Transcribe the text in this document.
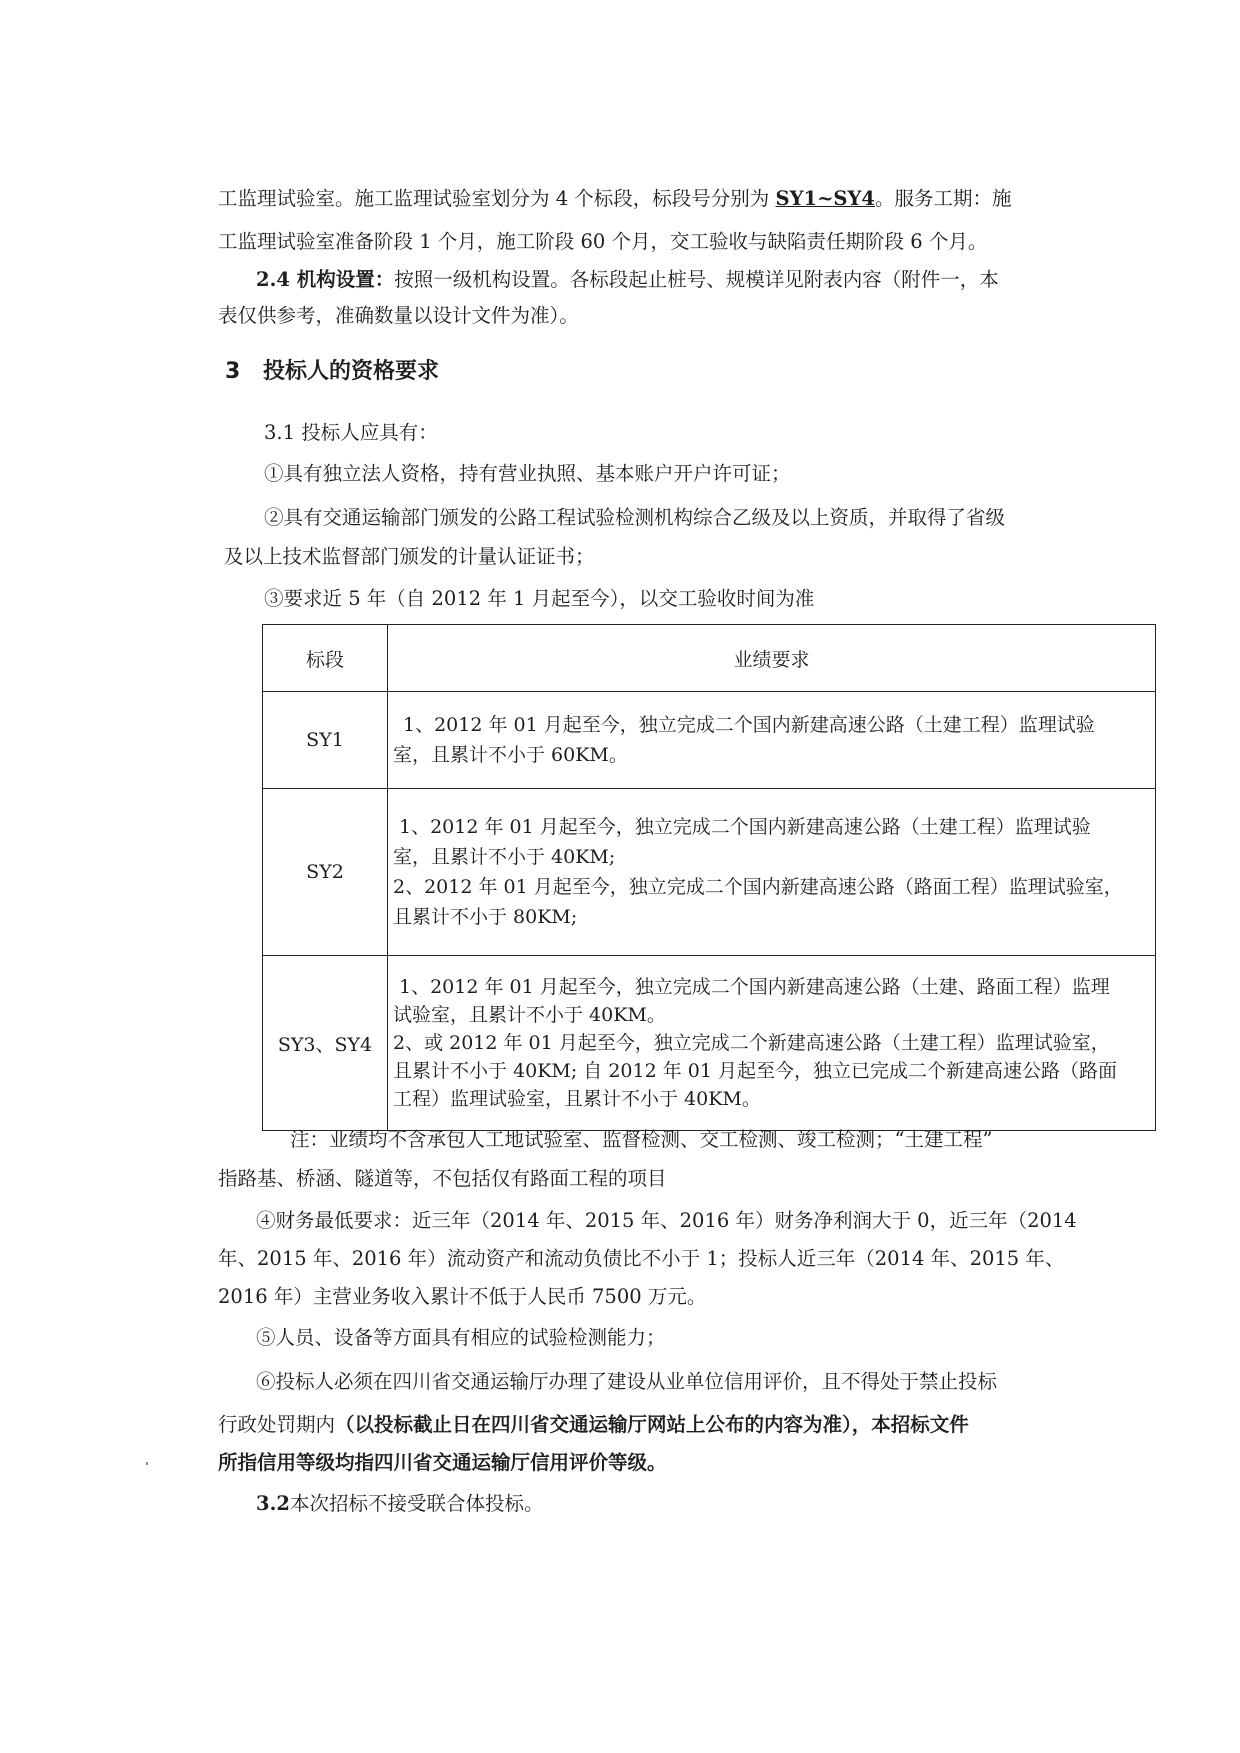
工监理试验室。施工监理试验室划分为 4 个标段，标段号分别为 SY1~SY4。服务工期：施
工监理试验室准备阶段 1 个月，施工阶段 60 个月，交工验收与缺陷责任期阶段 6 个月。
2.4 机构设置：按照一级机构设置。各标段起止桩号、规模详见附表内容（附件一，本
表仅供参考，准确数量以设计文件为准）。
3 投标人的资格要求
3.1 投标人应具有：
①具有独立法人资格，持有营业执照、基本账户开户许可证；
②具有交通运输部门颁发的公路工程试验检测机构综合乙级及以上资质，并取得了省级
及以上技术监督部门颁发的计量认证证书；
③要求近 5 年（自 2012 年 1 月起至今），以交工验收时间为准
标段	业绩要求
SY1	1、2012 年 01 月起至今，独立完成二个国内新建高速公路（土建工程）监理试验
室，且累计不小于 60KM。

SY2	1、2012 年 01 月起至今，独立完成二个国内新建高速公路（土建工程）监理试验
室，且累计不小于 40KM;
2、2012 年 01 月起至今，独立完成二个国内新建高速公路（路面工程）监理试验室，
且累计不小于 80KM;

SY3、SY4	1、2012 年 01 月起至今，独立完成二个国内新建高速公路（土建、路面工程）监理
试验室，且累计不小于 40KM。
2、或 2012 年 01 月起至今，独立完成二个新建高速公路（土建工程）监理试验室，
且累计不小于 40KM; 自 2012 年 01 月起至今，独立已完成二个新建高速公路（路面
工程）监理试验室，且累计不小于 40KM。
注：业绩均不含承包人工地试验室、监督检测、交工检测、竣工检测；“土建工程”
指路基、桥涵、隧道等，不包括仅有路面工程的项目
④财务最低要求：近三年（2014 年、2015 年、2016 年）财务净利润大于 0，近三年（2014
年、2015 年、2016 年）流动资产和流动负债比不小于 1；投标人近三年（2014 年、2015 年、
2016 年）主营业务收入累计不低于人民币 7500 万元。
⑤人员、设备等方面具有相应的试验检测能力；
⑥投标人必须在四川省交通运输厅办理了建设从业单位信用评价，且不得处于禁止投标
行政处罚期内（以投标截止日在四川省交通运输厅网站上公布的内容为准），本招标文件
所指信用等级均指四川省交通运输厅信用评价等级。
3.2本次招标不接受联合体投标。
